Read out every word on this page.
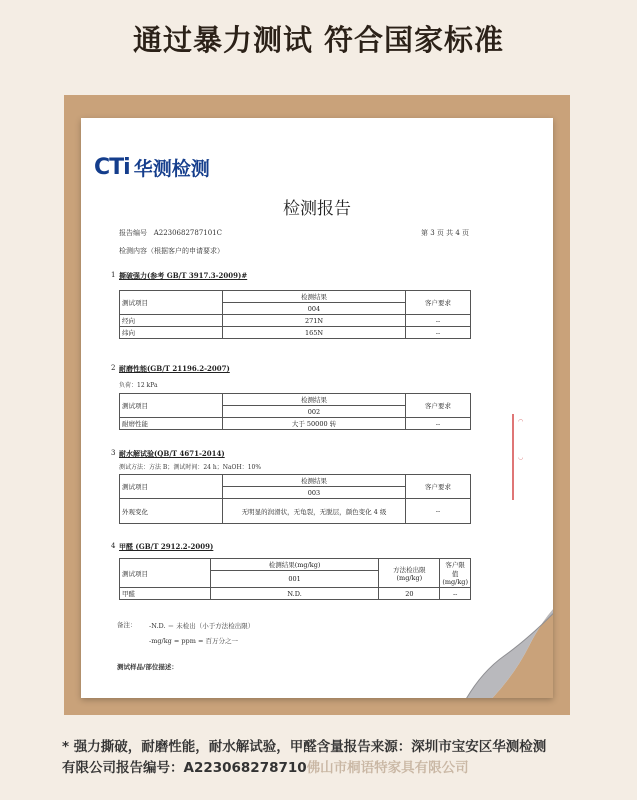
通过暴力测试 符合国家标准
CTi 华测检测
检测报告
报告编号 A2230682787101C	第 3 页 共 4 页
检测内容（根据客户的申请要求）
1 撕破强力(参考 GB/T 3917.3-2009)#
测试项目	检测结果	客户要求
	004	
经向	271N	--
纬向	165N	--
2 耐磨性能(GB/T 21196.2-2007)
负荷：12 kPa
测试项目	检测结果	客户要求
	002	
耐磨性能	大于 50000 转	--
3 耐水解试验(QB/T 4671-2014)
测试方法：方法 B；测试时间：24 h；NaOH：10%
测试项目	检测结果	客户要求
	003	
外观变化	无明显的润滑状，无龟裂，无脱层，颜色变化 4 级	--
4 甲醛 (GB/T 2912.2-2009)
测试项目	检测结果(mg/kg)	方法检出限 (mg/kg)	客户限值 (mg/kg)
	001		
甲醛	N.D.	20	--
备注： -N.D. ＝ 未检出（小于方法检出限）
-mg/kg = ppm = 百万分之一
测试样品/部位描述：
◠
◡
* 强力撕破，耐磨性能，耐水解试验，甲醛含量报告来源：深圳市宝安区华测检测
有限公司报告编号：A223068278710佛山市桐语特家具有限公司
